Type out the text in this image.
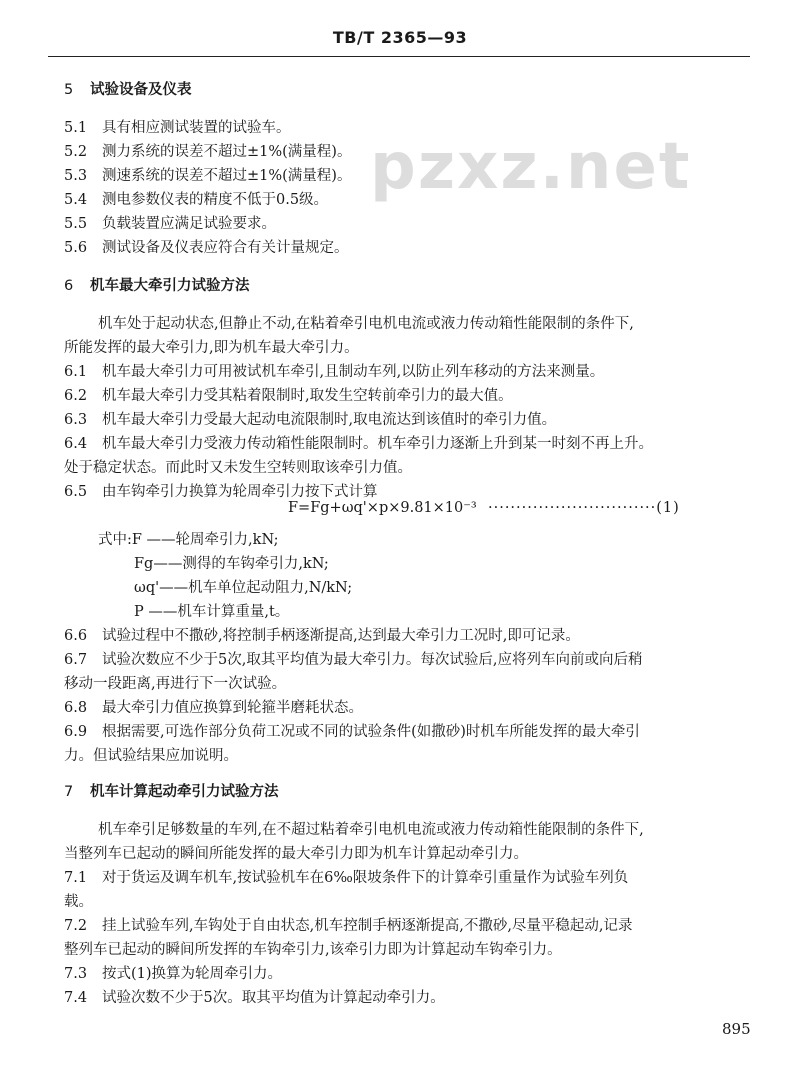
TB/T 2365—93
pzxz.net
5 试验设备及仪表
5.1 具有相应测试装置的试验车。
5.2 测力系统的误差不超过±1%(满量程)。
5.3 测速系统的误差不超过±1%(满量程)。
5.4 测电参数仪表的精度不低于0.5级。
5.5 负载装置应满足试验要求。
5.6 测试设备及仪表应符合有关计量规定。
6 机车最大牵引力试验方法
机车处于起动状态,但静止不动,在粘着牵引电机电流或液力传动箱性能限制的条件下,
所能发挥的最大牵引力,即为机车最大牵引力。
6.1 机车最大牵引力可用被试机车牵引,且制动车列,以防止列车移动的方法来测量。
6.2 机车最大牵引力受其粘着限制时,取发生空转前牵引力的最大值。
6.3 机车最大牵引力受最大起动电流限制时,取电流达到该值时的牵引力值。
6.4 机车最大牵引力受液力传动箱性能限制时。机车牵引力逐渐上升到某一时刻不再上升。
处于稳定状态。而此时又未发生空转则取该牵引力值。
6.5 由车钩牵引力换算为轮周牵引力按下式计算
F=Fg+ωq'×p×9.81×10⁻³ ······························(1)
式中:F ——轮周牵引力,kN;
Fg——测得的车钩牵引力,kN;
ωq'——机车单位起动阻力,N/kN;
P ——机车计算重量,t。
6.6 试验过程中不撒砂,将控制手柄逐渐提高,达到最大牵引力工况时,即可记录。
6.7 试验次数应不少于5次,取其平均值为最大牵引力。每次试验后,应将列车向前或向后稍
移动一段距离,再进行下一次试验。
6.8 最大牵引力值应换算到轮箍半磨耗状态。
6.9 根据需要,可选作部分负荷工况或不同的试验条件(如撒砂)时机车所能发挥的最大牵引
力。但试验结果应加说明。
7 机车计算起动牵引力试验方法
机车牵引足够数量的车列,在不超过粘着牵引电机电流或液力传动箱性能限制的条件下,
当整列车已起动的瞬间所能发挥的最大牵引力即为机车计算起动牵引力。
7.1 对于货运及调车机车,按试验机车在6‰限坡条件下的计算牵引重量作为试验车列负
载。
7.2 挂上试验车列,车钩处于自由状态,机车控制手柄逐渐提高,不撒砂,尽量平稳起动,记录
整列车已起动的瞬间所发挥的车钩牵引力,该牵引力即为计算起动车钩牵引力。
7.3 按式(1)换算为轮周牵引力。
7.4 试验次数不少于5次。取其平均值为计算起动牵引力。
895
